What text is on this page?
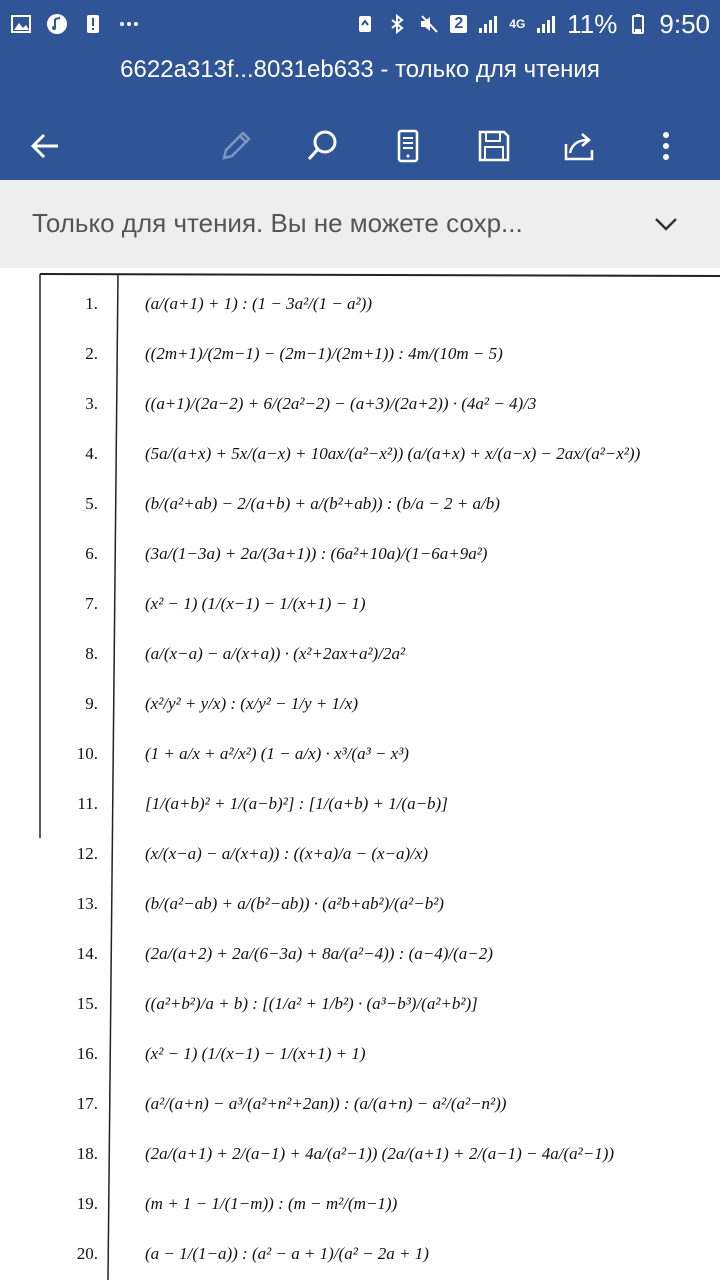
2	4G 11% 9:50
6622a313f...8031eb633 - только для чтения
Только для чтения. Вы не можете сохр...
1.	(a/(a+1) + 1) : (1 − 3a²/(1 − a²))
2.	((2m+1)/(2m−1) − (2m−1)/(2m+1)) : 4m/(10m − 5)
3.	((a+1)/(2a−2) + 6/(2a²−2) − (a+3)/(2a+2)) · (4a² − 4)/3
4.	(5a/(a+x) + 5x/(a−x) + 10ax/(a²−x²)) (a/(a+x) + x/(a−x) − 2ax/(a²−x²))
5.	(b/(a²+ab) − 2/(a+b) + a/(b²+ab)) : (b/a − 2 + a/b)
6.	(3a/(1−3a) + 2a/(3a+1)) : (6a²+10a)/(1−6a+9a²)
7.	(x² − 1) (1/(x−1) − 1/(x+1) − 1)
8.	(a/(x−a) − a/(x+a)) · (x²+2ax+a²)/2a²
9.	(x²/y² + y/x) : (x/y² − 1/y + 1/x)
10.	(1 + a/x + a²/x²) (1 − a/x) · x³/(a³ − x³)
11.	[1/(a+b)² + 1/(a−b)²] : [1/(a+b) + 1/(a−b)]
12.	(x/(x−a) − a/(x+a)) : ((x+a)/a − (x−a)/x)
13.	(b/(a²−ab) + a/(b²−ab)) · (a²b+ab²)/(a²−b²)
14.	(2a/(a+2) + 2a/(6−3a) + 8a/(a²−4)) : (a−4)/(a−2)
15.	((a²+b²)/a + b) : [(1/a² + 1/b²) · (a³−b³)/(a²+b²)]
16.	(x² − 1) (1/(x−1) − 1/(x+1) + 1)
17.	(a²/(a+n) − a³/(a²+n²+2an)) : (a/(a+n) − a²/(a²−n²))
18.	(2a/(a+1) + 2/(a−1) + 4a/(a²−1)) (2a/(a+1) + 2/(a−1) − 4a/(a²−1))
19.	(m + 1 − 1/(1−m)) : (m − m²/(m−1))
20.	(a − 1/(1−a)) : (a² − a + 1)/(a² − 2a + 1)
